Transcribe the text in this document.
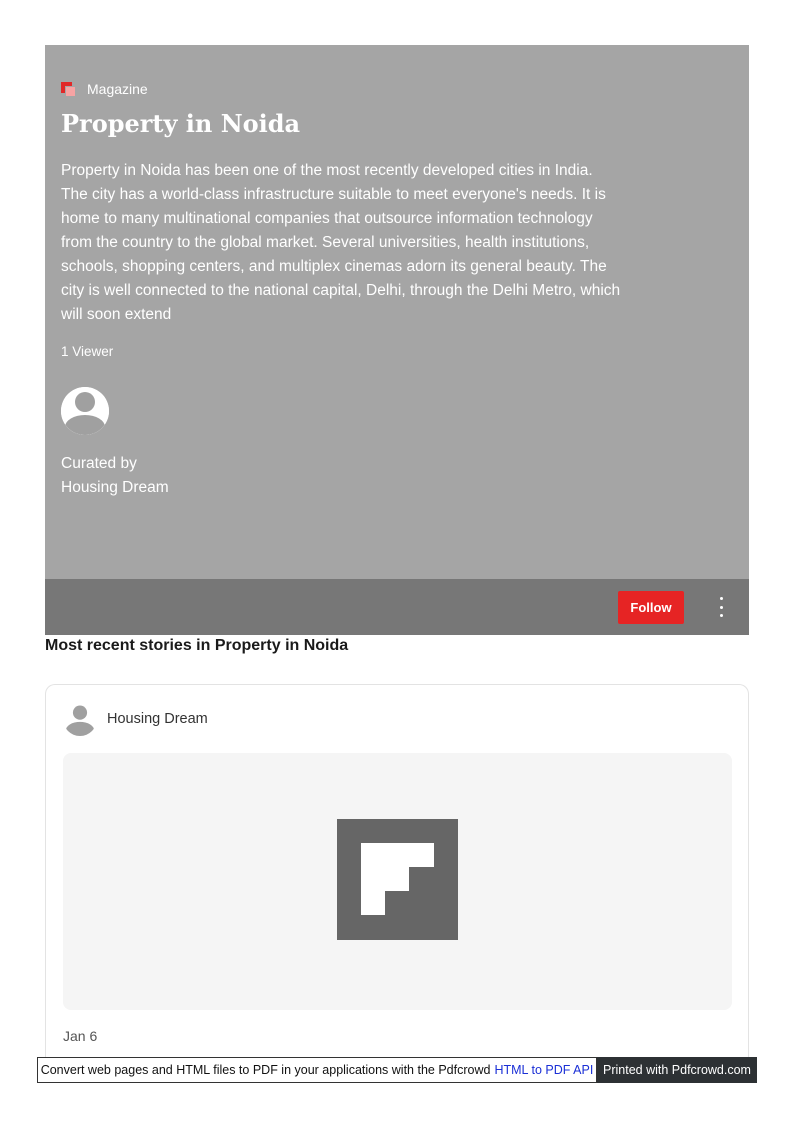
Magazine
Property in Noida
Property in Noida has been one of the most recently developed cities in India. The city has a world-class infrastructure suitable to meet everyone's needs. It is home to many multinational companies that outsource information technology from the country to the global market. Several universities, health institutions, schools, shopping centers, and multiplex cinemas adorn its general beauty. The city is well connected to the national capital, Delhi, through the Delhi Metro, which will soon extend
1 Viewer
Curated by
Housing Dream
Follow
Most recent stories in Property in Noida
Housing Dream
Jan 6
Convert web pages and HTML files to PDF in your applications with the Pdfcrowd HTML to PDF API Printed with Pdfcrowd.com
